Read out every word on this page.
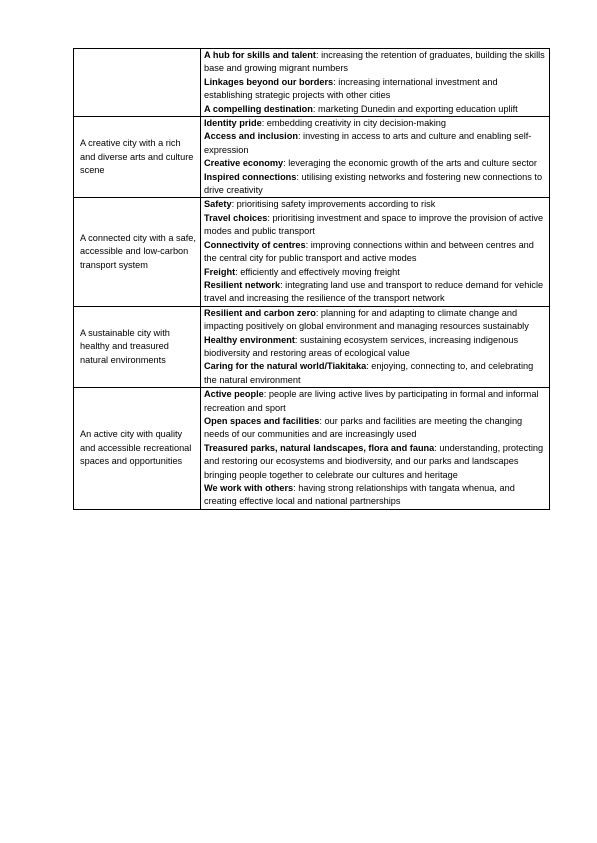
	A hub for skills and talent: increasing the retention of graduates, building the skills base and growing migrant numbers
Linkages beyond our borders: increasing international investment and establishing strategic projects with other cities
A compelling destination: marketing Dunedin and exporting education uplift

A creative city with a rich and diverse arts and culture scene	Identity pride: embedding creativity in city decision-making
Access and inclusion: investing in access to arts and culture and enabling self-expression
Creative economy: leveraging the economic growth of the arts and culture sector
Inspired connections: utilising existing networks and fostering new connections to drive creativity

A connected city with a safe, accessible and low-carbon transport system	Safety: prioritising safety improvements according to risk
Travel choices: prioritising investment and space to improve the provision of active modes and public transport
Connectivity of centres: improving connections within and between centres and the central city for public transport and active modes
Freight: efficiently and effectively moving freight
Resilient network: integrating land use and transport to reduce demand for vehicle travel and increasing the resilience of the transport network

A sustainable city with healthy and treasured natural environments	Resilient and carbon zero: planning for and adapting to climate change and impacting positively on global environment and managing resources sustainably
Healthy environment: sustaining ecosystem services, increasing indigenous biodiversity and restoring areas of ecological value
Caring for the natural world/Tiakitaka: enjoying, connecting to, and celebrating the natural environment

An active city with quality and accessible recreational spaces and opportunities	Active people: people are living active lives by participating in formal and informal recreation and sport
Open spaces and facilities: our parks and facilities are meeting the changing needs of our communities and are increasingly used
Treasured parks, natural landscapes, flora and fauna: understanding, protecting and restoring our ecosystems and biodiversity, and our parks and landscapes bringing people together to celebrate our cultures and heritage
We work with others: having strong relationships with tangata whenua, and creating effective local and national partnerships
